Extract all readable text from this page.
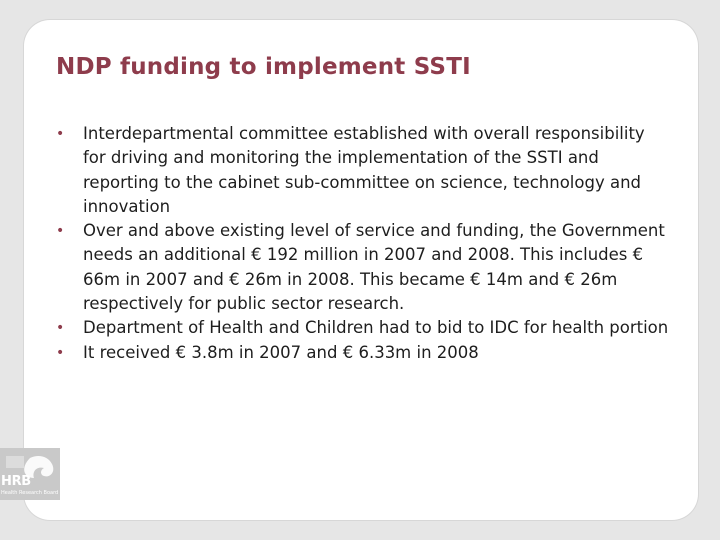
NDP funding to implement SSTI
• Interdepartmental committee established with overall responsibility for driving and monitoring the implementation of the SSTI and reporting to the cabinet sub-committee on science, technology and innovation
• Over and above existing level of service and funding, the Government needs an additional € 192 million in 2007 and 2008. This includes € 66m in 2007 and € 26m in 2008. This became € 14m and € 26m respectively for public sector research.
• Department of Health and Children had to bid to IDC for health portion
• It received € 3.8m in 2007 and € 6.33m in 2008
HRB
Health Research Board
